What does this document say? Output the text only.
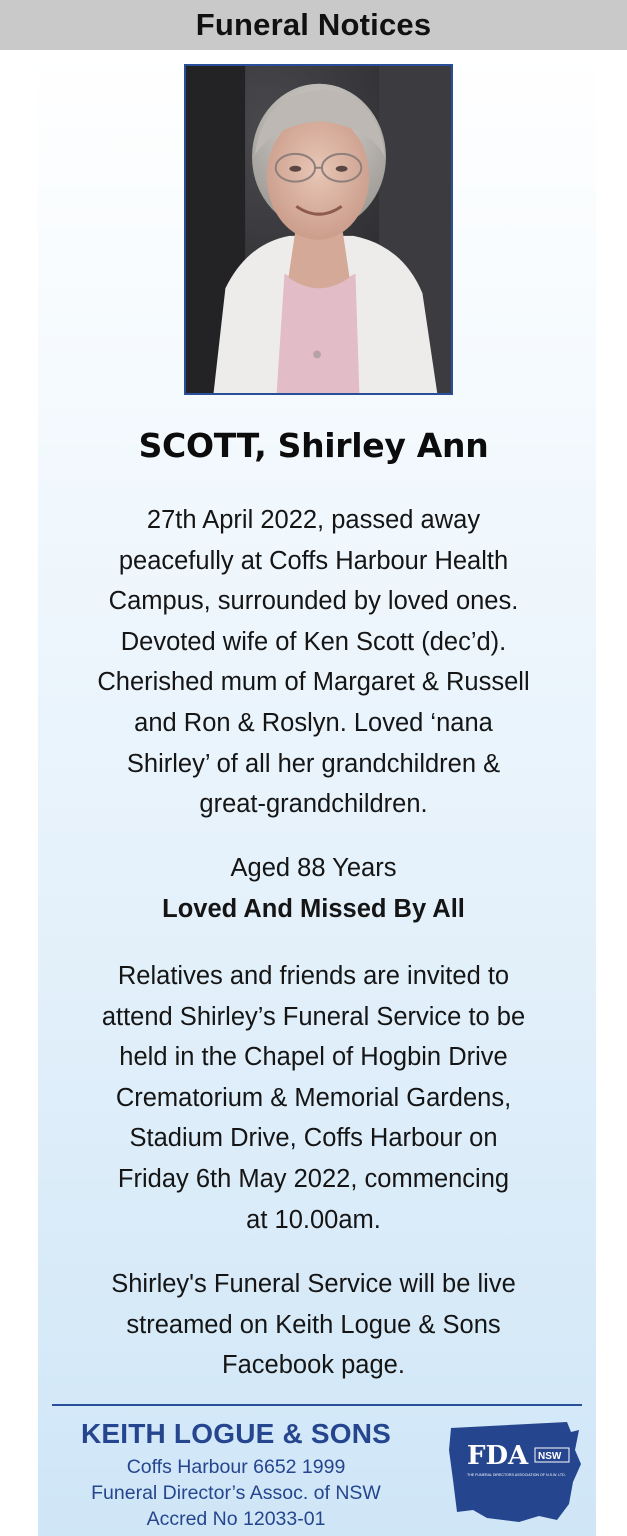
Funeral Notices
SCOTT, Shirley Ann
27th April 2022, passed away
peacefully at Coffs Harbour Health
Campus, surrounded by loved ones.
Devoted wife of Ken Scott (dec’d).
Cherished mum of Margaret & Russell
and Ron & Roslyn. Loved ‘nana
Shirley’ of all her grandchildren &
great-grandchildren.
Aged 88 Years
Loved And Missed By All
Relatives and friends are invited to
attend Shirley’s Funeral Service to be
held in the Chapel of Hogbin Drive
Crematorium & Memorial Gardens,
Stadium Drive, Coffs Harbour on
Friday 6th May 2022, commencing
at 10.00am.
Shirley's Funeral Service will be live
streamed on Keith Logue & Sons
Facebook page.
KEITH LOGUE & SONS
Coffs Harbour 6652 1999
Funeral Director’s Assoc. of NSW
Accred No 12033-01
FDA NSW
THE FUNERAL DIRECTORS ASSOCIATION OF N.S.W. LTD.
